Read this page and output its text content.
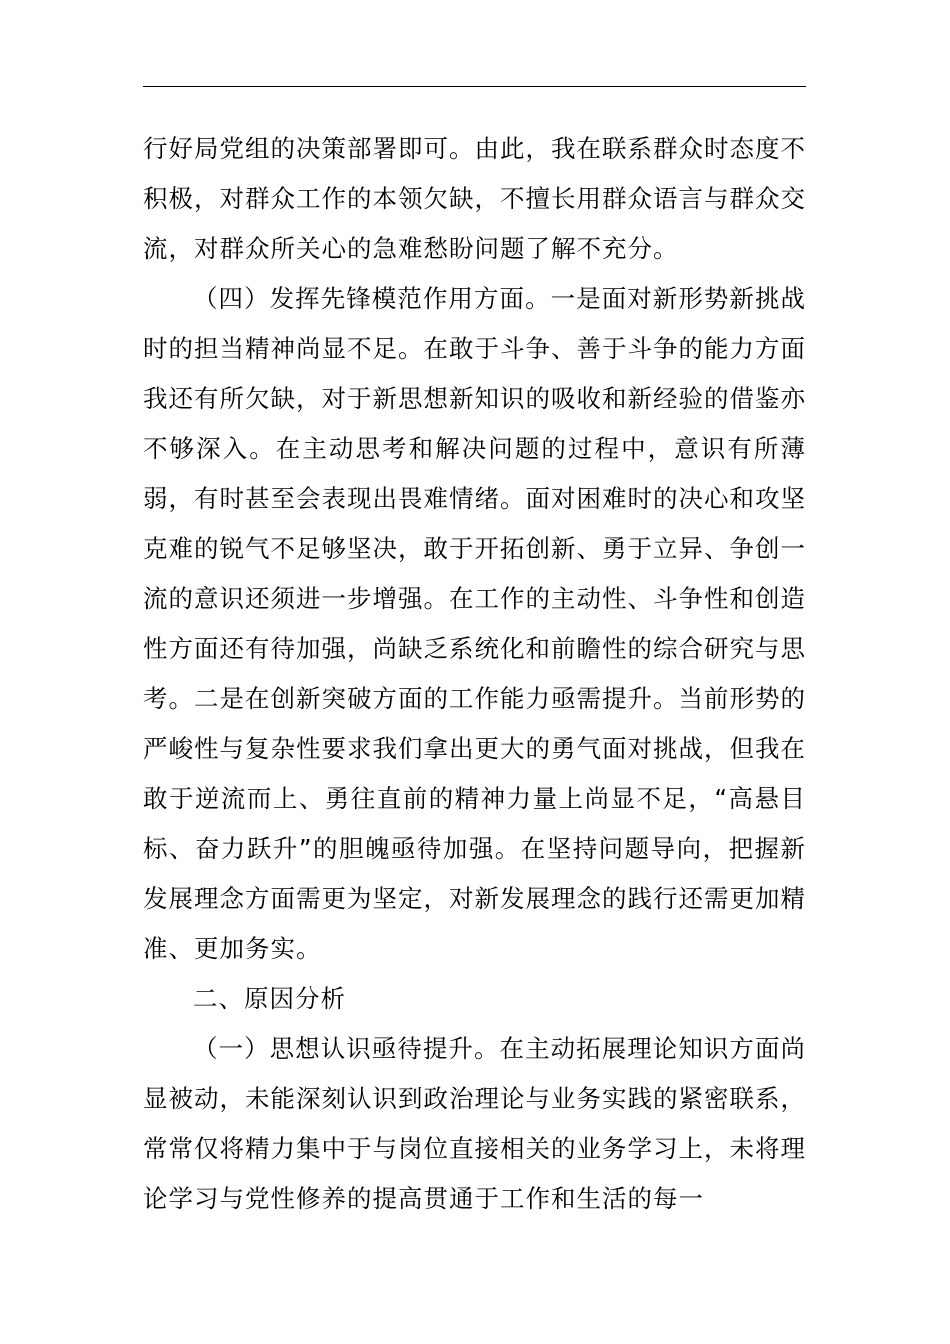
行好局党组的决策部署即可。由此，我在联系群众时态度不积极，对群众工作的本领欠缺，不擅长用群众语言与群众交流，对群众所关心的急难愁盼问题了解不充分。

（四）发挥先锋模范作用方面。一是面对新形势新挑战时的担当精神尚显不足。在敢于斗争、善于斗争的能力方面我还有所欠缺，对于新思想新知识的吸收和新经验的借鉴亦不够深入。在主动思考和解决问题的过程中，意识有所薄弱，有时甚至会表现出畏难情绪。面对困难时的决心和攻坚克难的锐气不足够坚决，敢于开拓创新、勇于立异、争创一流的意识还须进一步增强。在工作的主动性、斗争性和创造性方面还有待加强，尚缺乏系统化和前瞻性的综合研究与思考。二是在创新突破方面的工作能力亟需提升。当前形势的严峻性与复杂性要求我们拿出更大的勇气面对挑战，但我在敢于逆流而上、勇往直前的精神力量上尚显不足，“高悬目标、奋力跃升”的胆魄亟待加强。在坚持问题导向，把握新发展理念方面需更为坚定，对新发展理念的践行还需更加精准、更加务实。

二、原因分析

（一）思想认识亟待提升。在主动拓展理论知识方面尚显被动，未能深刻认识到政治理论与业务实践的紧密联系，常常仅将精力集中于与岗位直接相关的业务学习上，未将理论学习与党性修养的提高贯通于工作和生活的每一
